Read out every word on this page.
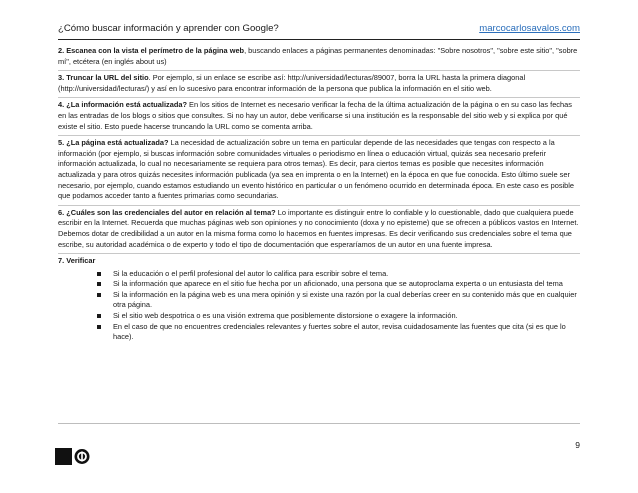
¿Cómo buscar información y aprender con Google?	marcocarlosavalos.com

2. Escanea con la vista el perímetro de la página web, buscando enlaces a páginas permanentes denominadas: "Sobre nosotros", "sobre este sitio", "sobre mí", etcétera (en inglés about us)

3. Truncar la URL del sitio. Por ejemplo, si un enlace se escribe así: http://universidad/lecturas/89007, borra la URL hasta la primera diagonal (http://universidad/lecturas/) y así en lo sucesivo para encontrar información de la persona que publica la información en el sitio web.

4. ¿La información está actualizada? En los sitios de Internet es necesario verificar la fecha de la última actualización de la página o en su caso las fechas en las entradas de los blogs o sitios que consultes. Si no hay un autor, debe verificarse si una institución es la responsable del sitio web y si explica por qué existe el sitio. Esto puede hacerse truncando la URL como se comenta arriba.

5. ¿La página está actualizada? La necesidad de actualización sobre un tema en particular depende de las necesidades que tengas con respecto a la información (por ejemplo, si buscas información sobre comunidades virtuales o periodismo en línea o educación virtual, quizás sea necesario preferir información actualizada, lo cual no necesariamente se requiera para otros temas). Es decir, para ciertos temas es posible que necesites información actualizada y para otros quizás necesites información publicada (ya sea en imprenta o en la Internet) en la época en que fue conocida. Esto último suele ser necesario, por ejemplo, cuando estamos estudiando un evento histórico en particular o un fenómeno ocurrido en determinada época. En este caso es posible que podamos acceder tanto a fuentes primarias como secundarias.

6. ¿Cuáles son las credenciales del autor en relación al tema? Lo importante es distinguir entre lo confiable y lo cuestionable, dado que cualquiera puede escribir en la Internet. Recuerda que muchas páginas web son opiniones y no conocimiento (doxa y no episteme) que se ofrecen a públicos vastos en Internet. Debemos dotar de credibilidad a un autor en la misma forma como lo hacemos en fuentes impresas. Es decir verificando sus credenciales sobre el tema que escribe, su autoridad académica o de experto y todo el tipo de documentación que esperaríamos de un autor en una fuente impresa.

7. Verificar
Si la educación o el perfil profesional del autor lo califica para escribir sobre el tema.
Si la información que aparece en el sitio fue hecha por un aficionado, una persona que se autoproclama experta o un entusiasta del tema
Si la información en la página web es una mera opinión y si existe una razón por la cual deberías creer en su contenido más que en cualquier otra página.
Si el sitio web despotrica o es una visión extrema que posiblemente distorsione o exagere la información.
En el caso de que no encuentres credenciales relevantes y fuertes sobre el autor, revisa cuidadosamente las fuentes que cita (si es que lo hace).
9
